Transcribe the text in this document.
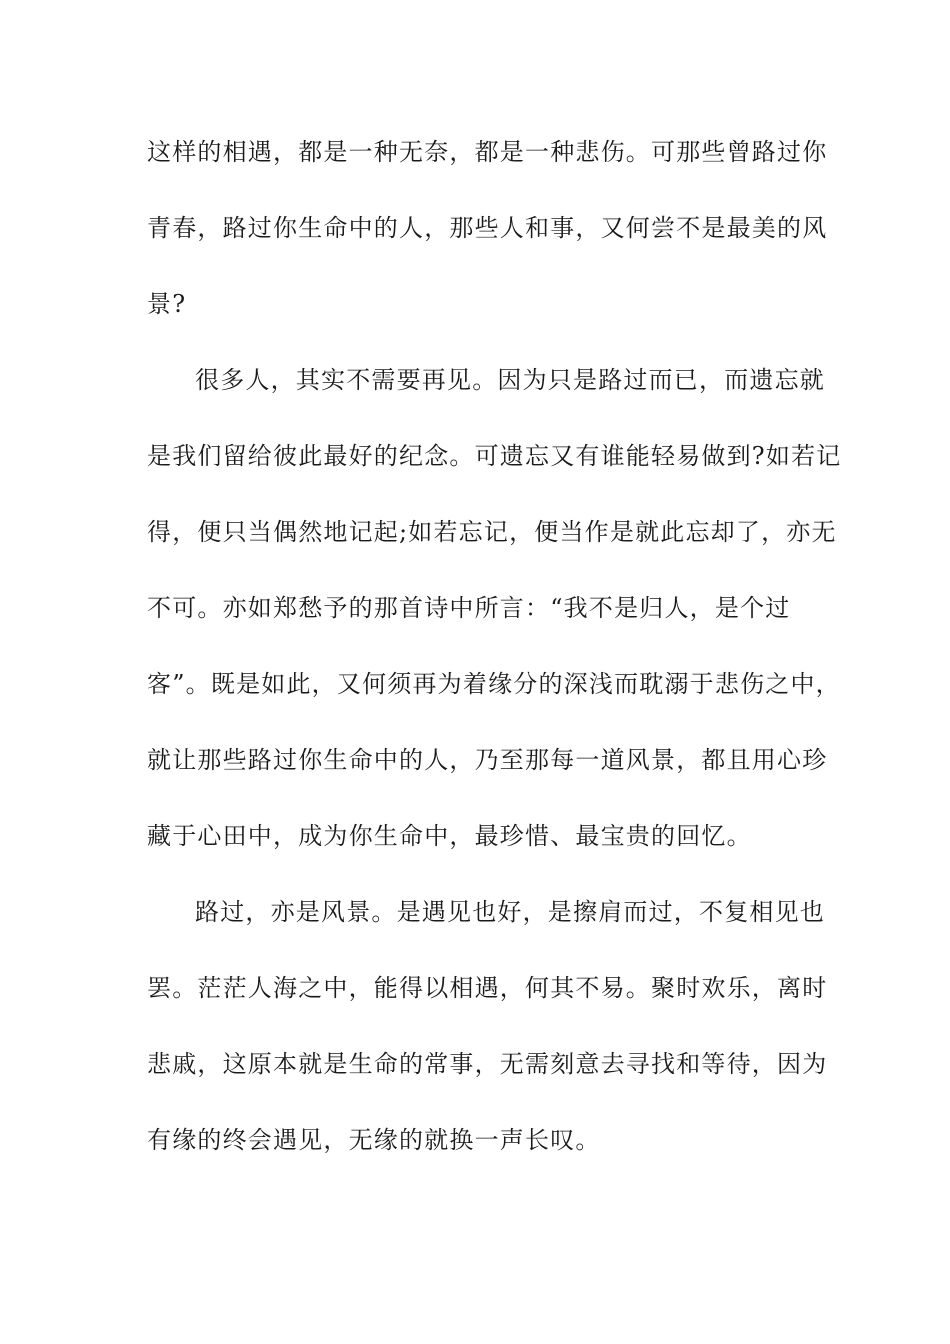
这样的相遇，都是一种无奈，都是一种悲伤。可那些曾路过你
青春，路过你生命中的人，那些人和事，又何尝不是最美的风
景?
很多人，其实不需要再见。因为只是路过而已，而遗忘就
是我们留给彼此最好的纪念。可遗忘又有谁能轻易做到?如若记
得，便只当偶然地记起;如若忘记，便当作是就此忘却了，亦无
不可。亦如郑愁予的那首诗中所言：“我不是归人，是个过
客”。既是如此，又何须再为着缘分的深浅而耽溺于悲伤之中，
就让那些路过你生命中的人，乃至那每一道风景，都且用心珍
藏于心田中，成为你生命中，最珍惜、最宝贵的回忆。
路过，亦是风景。是遇见也好，是擦肩而过，不复相见也
罢。茫茫人海之中，能得以相遇，何其不易。聚时欢乐，离时
悲戚，这原本就是生命的常事，无需刻意去寻找和等待，因为
有缘的终会遇见，无缘的就换一声长叹。
